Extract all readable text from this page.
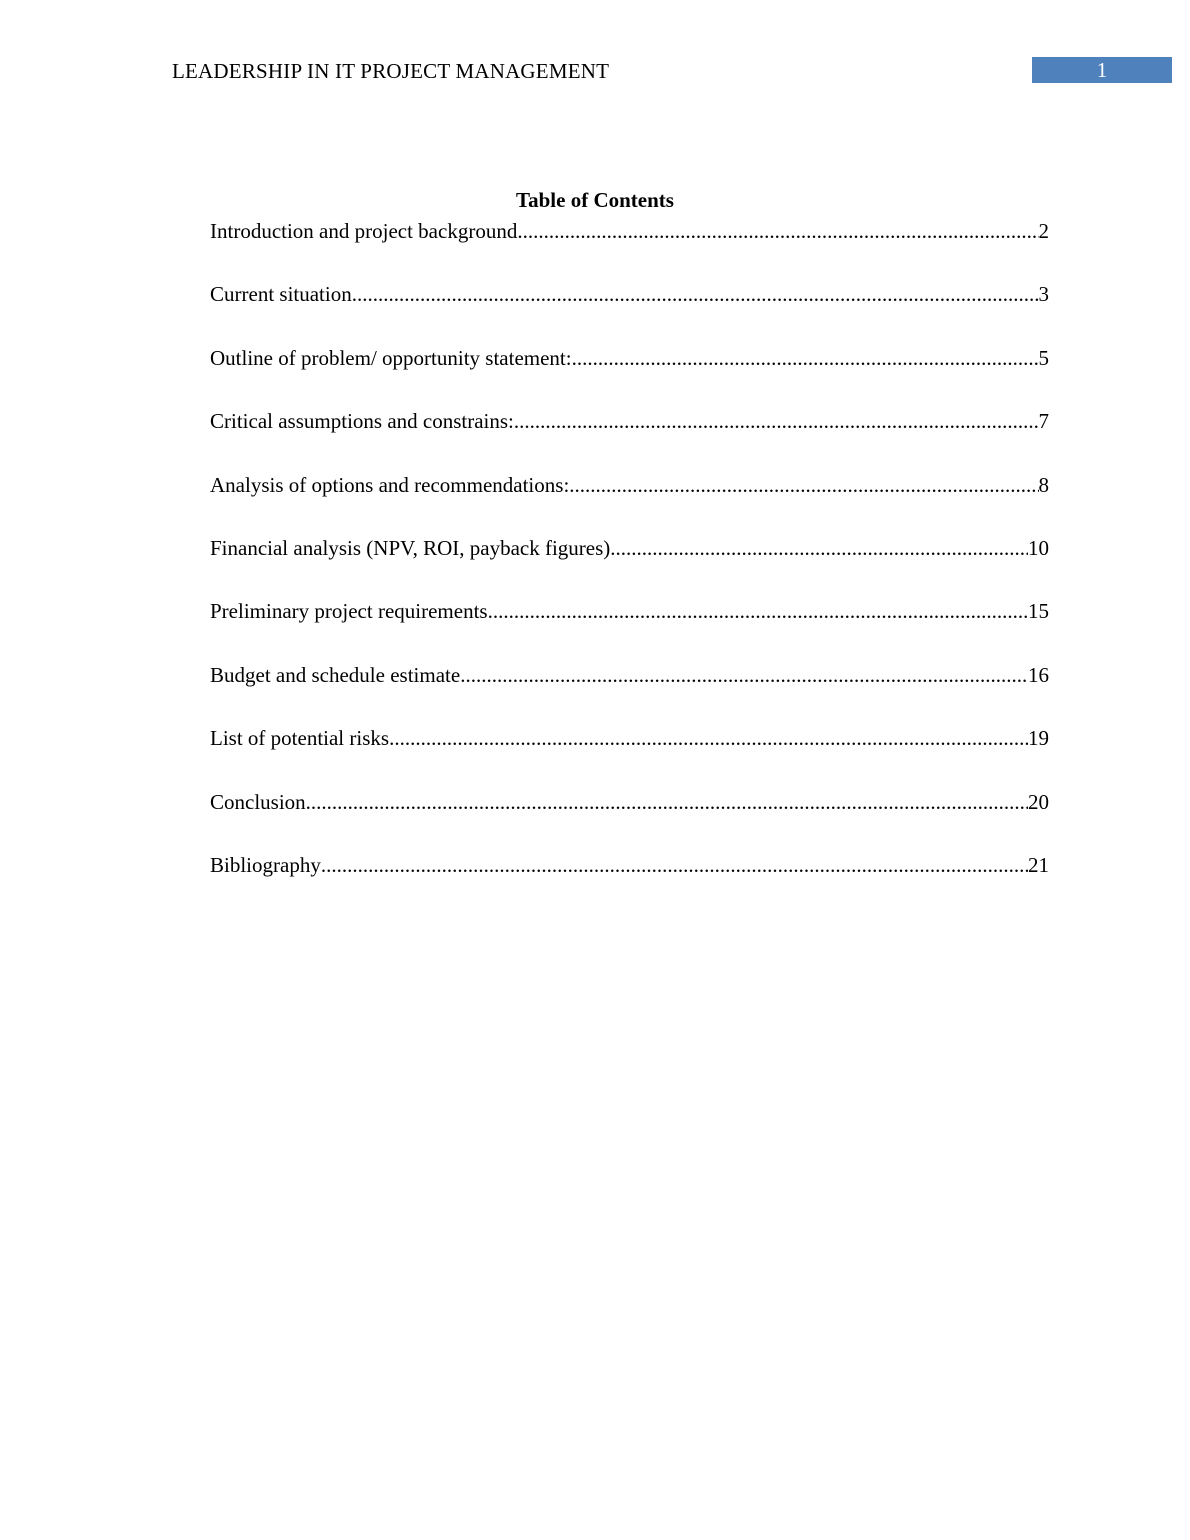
LEADERSHIP IN IT PROJECT MANAGEMENT	1
Table of Contents
Introduction and project background .....	2
Current situation .....	3
Outline of problem/ opportunity statement: .....	5
Critical assumptions and constrains: .....	7
Analysis of options and recommendations: .....	8
Financial analysis (NPV, ROI, payback figures) .....	10
Preliminary project requirements .....	15
Budget and schedule estimate .....	16
List of potential risks .....	19
Conclusion .....	20
Bibliography .....	21
